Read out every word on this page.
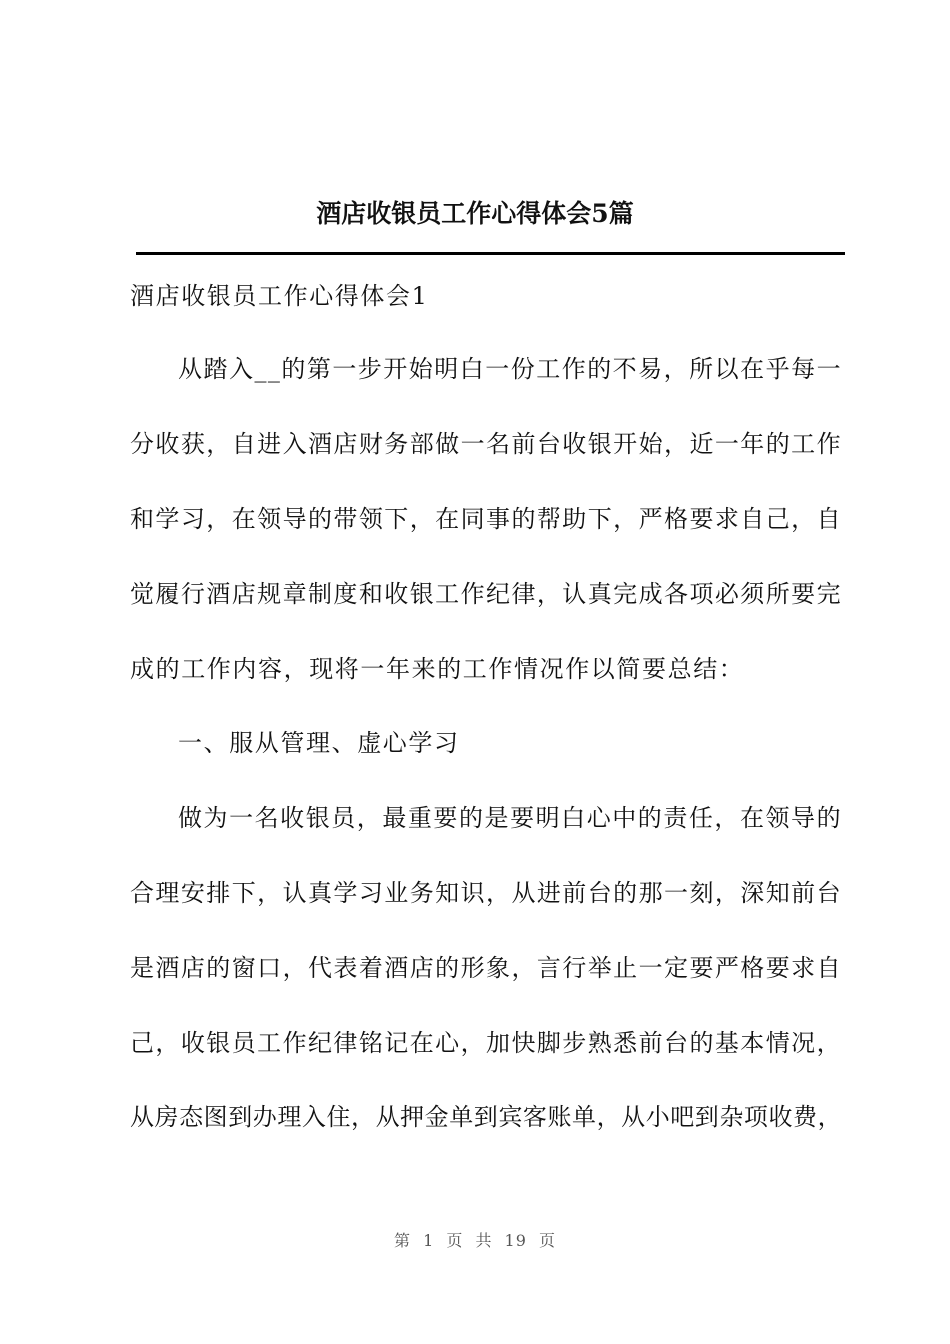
酒店收银员工作心得体会5篇
酒店收银员工作心得体会1
从踏入__的第一步开始明白一份工作的不易，所以在乎每一
分收获，自进入酒店财务部做一名前台收银开始，近一年的工作
和学习，在领导的带领下，在同事的帮助下，严格要求自己，自
觉履行酒店规章制度和收银工作纪律，认真完成各项必须所要完
成的工作内容，现将一年来的工作情况作以简要总结：
一、服从管理、虚心学习
做为一名收银员，最重要的是要明白心中的责任，在领导的
合理安排下，认真学习业务知识，从进前台的那一刻，深知前台
是酒店的窗口，代表着酒店的形象，言行举止一定要严格要求自
己，收银员工作纪律铭记在心，加快脚步熟悉前台的基本情况，
从房态图到办理入住，从押金单到宾客账单，从小吧到杂项收费，
第 1 页 共 19 页
